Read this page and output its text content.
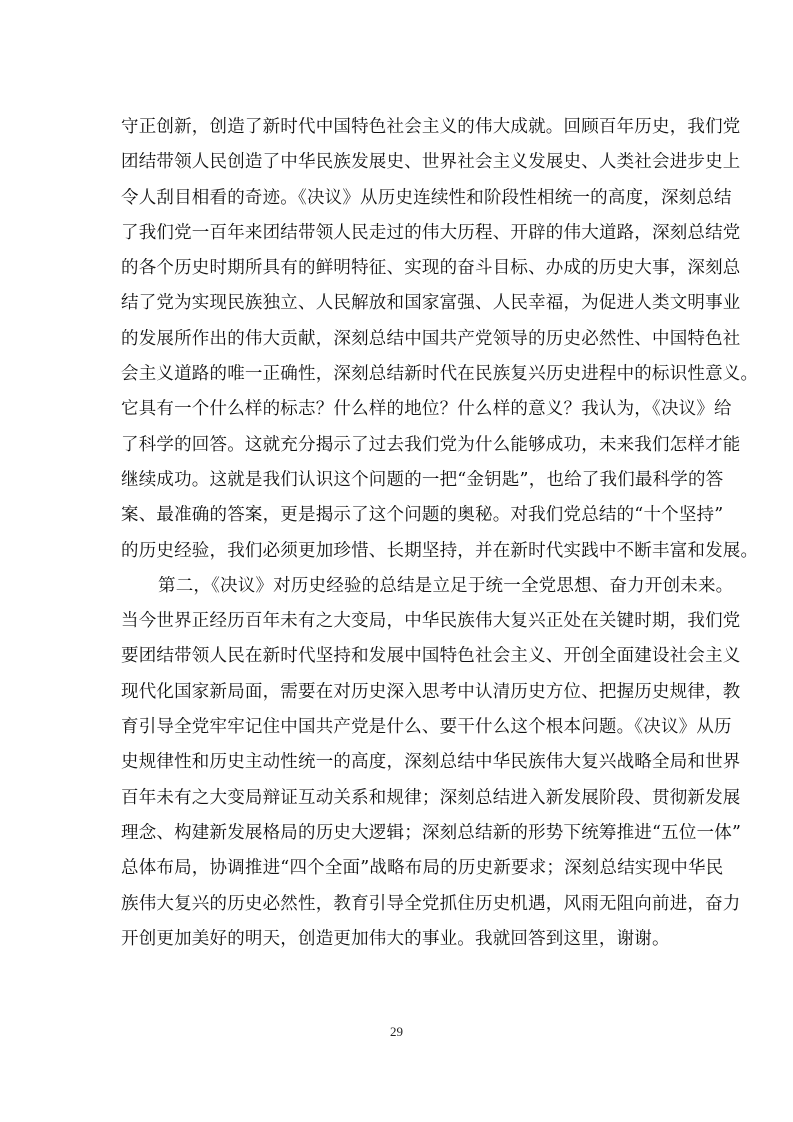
守正创新，创造了新时代中国特色社会主义的伟大成就。回顾百年历史，我们党
团结带领人民创造了中华民族发展史、世界社会主义发展史、人类社会进步史上
令人刮目相看的奇迹。《决议》从历史连续性和阶段性相统一的高度，深刻总结
了我们党一百年来团结带领人民走过的伟大历程、开辟的伟大道路，深刻总结党
的各个历史时期所具有的鲜明特征、实现的奋斗目标、办成的历史大事，深刻总
结了党为实现民族独立、人民解放和国家富强、人民幸福，为促进人类文明事业
的发展所作出的伟大贡献，深刻总结中国共产党领导的历史必然性、中国特色社
会主义道路的唯一正确性，深刻总结新时代在民族复兴历史进程中的标识性意义。
它具有一个什么样的标志？什么样的地位？什么样的意义？我认为，《决议》给
了科学的回答。这就充分揭示了过去我们党为什么能够成功，未来我们怎样才能
继续成功。这就是我们认识这个问题的一把“金钥匙”，也给了我们最科学的答
案、最准确的答案，更是揭示了这个问题的奥秘。对我们党总结的“十个坚持”
的历史经验，我们必须更加珍惜、长期坚持，并在新时代实践中不断丰富和发展。
第二，《决议》对历史经验的总结是立足于统一全党思想、奋力开创未来。
当今世界正经历百年未有之大变局，中华民族伟大复兴正处在关键时期，我们党
要团结带领人民在新时代坚持和发展中国特色社会主义、开创全面建设社会主义
现代化国家新局面，需要在对历史深入思考中认清历史方位、把握历史规律，教
育引导全党牢牢记住中国共产党是什么、要干什么这个根本问题。《决议》从历
史规律性和历史主动性统一的高度，深刻总结中华民族伟大复兴战略全局和世界
百年未有之大变局辩证互动关系和规律；深刻总结进入新发展阶段、贯彻新发展
理念、构建新发展格局的历史大逻辑；深刻总结新的形势下统筹推进“五位一体”
总体布局，协调推进“四个全面”战略布局的历史新要求；深刻总结实现中华民
族伟大复兴的历史必然性，教育引导全党抓住历史机遇，风雨无阻向前进，奋力
开创更加美好的明天，创造更加伟大的事业。我就回答到这里，谢谢。
29
